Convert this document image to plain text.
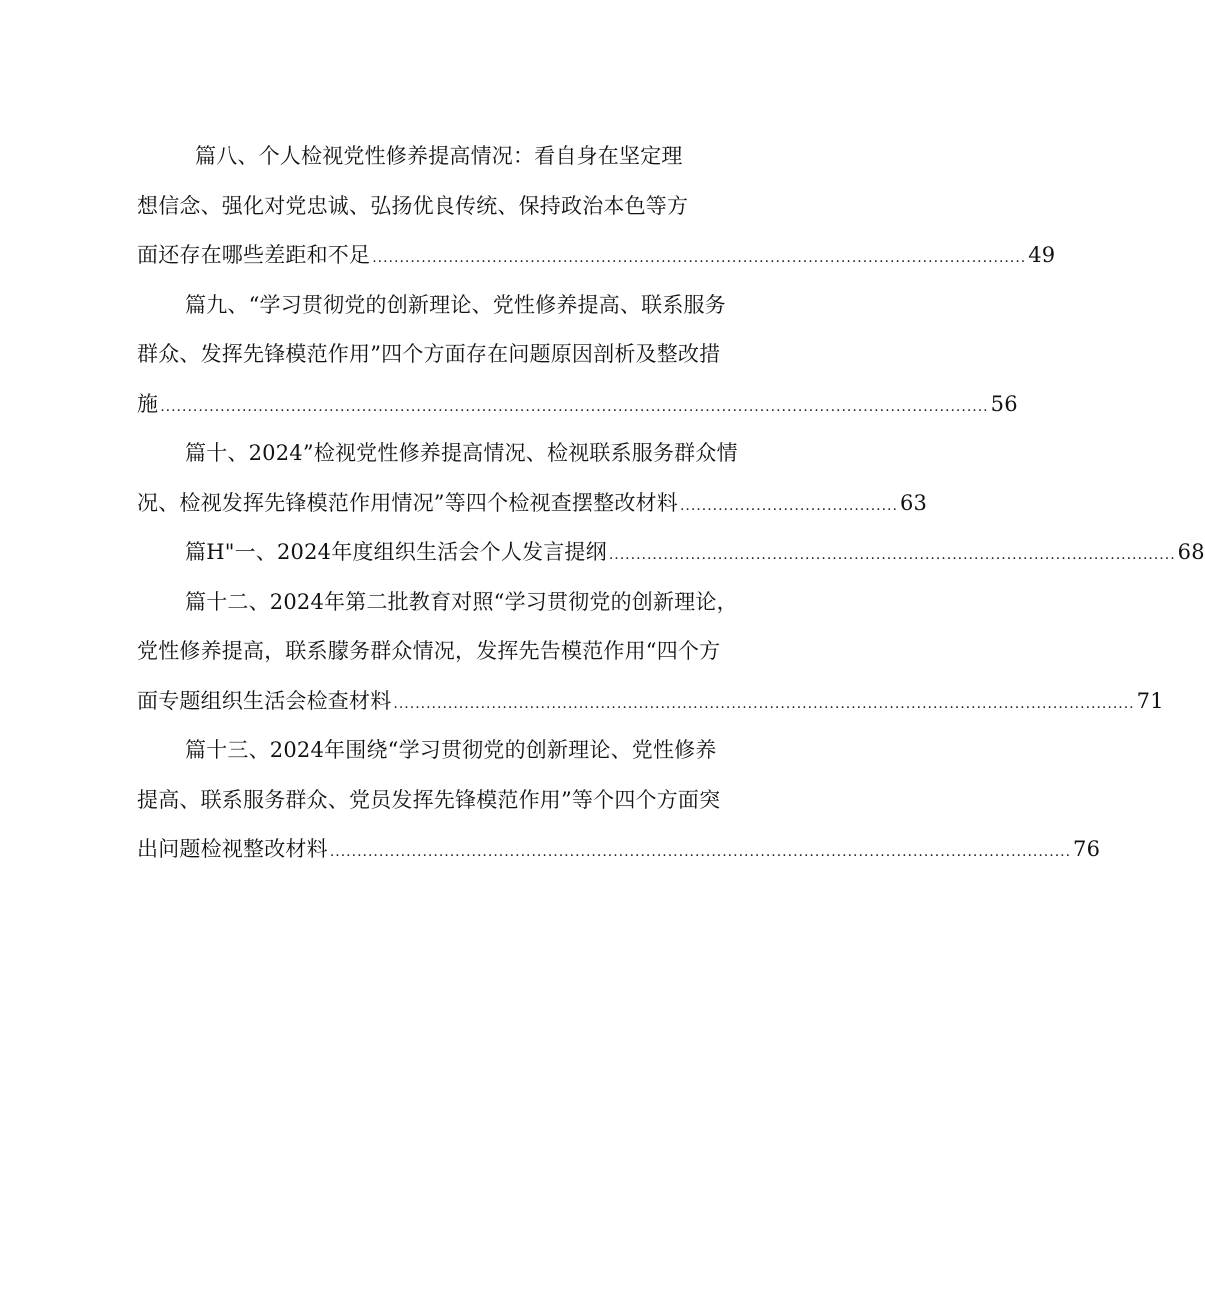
篇八、个人检视党性修养提高情况：看自身在坚定理
想信念、强化对党忠诚、弘扬优良传统、保持政治本色等方
面还存在哪些差距和不足 ........................................................................................................................ 49
篇九、“学习贯彻党的创新理论、党性修养提高、联系服务
群众、发挥先锋模范作用”四个方面存在问题原因剖析及整改措
施 ........................................................................................................................................................ 56
篇十、2024”检视党性修养提高情况、检视联系服务群众情
况、检视发挥先锋模范作用情况”等四个检视查摆整改材料 ........................................ 63
篇H"一、2024年度组织生活会个人发言提纲 ........................................................................................................ 68
篇十二、2024年第二批教育对照“学习贯彻党的创新理论，
党性修养提高，联系朦务群众情况，发挥先告模范作用“四个方
面专题组织生活会检查材料 ........................................................................................................................................ 71
篇十三、2024年围绕“学习贯彻党的创新理论、党性修养
提高、联系服务群众、党员发挥先锋模范作用”等个四个方面突
出问题检视整改材料 ........................................................................................................................................ 76
